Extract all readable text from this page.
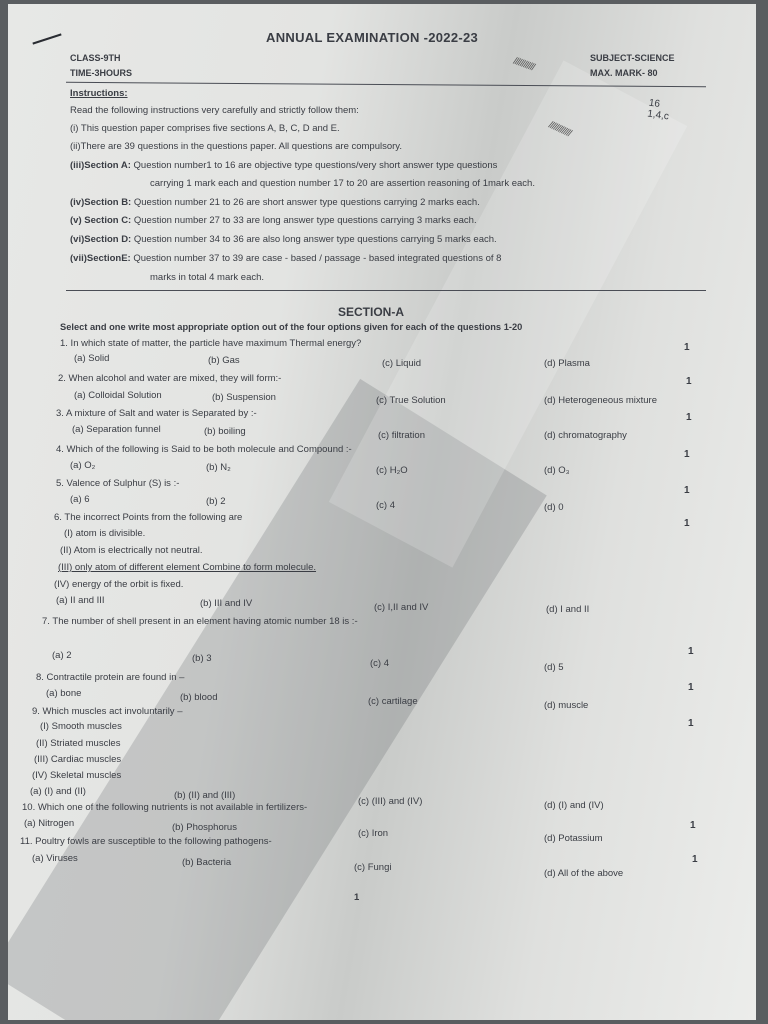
////////////
/////////////
ANNUAL EXAMINATION -2022-23
CLASS-9TH
TIME-3HOURS
SUBJECT-SCIENCE
MAX. MARK- 80
16
1,4,c
Instructions:
Read the following instructions very carefully and strictly follow them:
(i) This question paper comprises five sections A, B, C, D and E.
(ii)There are 39 questions in the questions paper. All questions are compulsory.
(iii)Section A: Question number1 to 16 are objective type questions/very short answer type questions
carrying 1 mark each and question number 17 to 20 are assertion reasoning of 1mark each.
(iv)Section B: Question number 21 to 26 are short answer type questions carrying 2 marks each.
(v) Section C: Question number 27 to 33 are long answer type questions carrying 3 marks each.
(vi)Section D: Question number 34 to 36 are also long answer type questions carrying 5 marks each.
(vii)SectionE: Question number 37 to 39 are case - based / passage - based integrated questions of 8
marks in total 4 mark each.
SECTION-A
Select and one write most appropriate option out of the four options given for each of the questions 1-20
1. In which state of matter, the particle have maximum Thermal energy?	1
(a) Solid	(b) Gas	(c) Liquid	(d) Plasma
2. When alcohol and water are mixed, they will form:-	1
(a) Colloidal Solution	(b) Suspension	(c) True Solution	(d) Heterogeneous mixture
3. A mixture of Salt and water is Separated by :-	1
(a) Separation funnel	(b) boiling	(c) filtration	(d) chromatography
4. Which of the following is Said to be both molecule and Compound :-	1
(a) O₂	(b) N₂	(c) H₂O	(d) O₃
5. Valence of Sulphur (S) is :-
1
(a) 6	(b) 2	(c) 4	(d) 0
6. The incorrect Points from the following are
1
(I) atom is divisible.
(II) Atom is electrically not neutral.
(III) only atom of different element Combine to form molecule.
(IV) energy of the orbit is fixed.
(a) II and III	(b) III and IV	(c) I,II and IV	(d) I and II
7. The number of shell present in an element having atomic number 18 is :-
1
(a) 2	(b) 3	(c) 4	(d) 5
8. Contractile protein are found in –
1
(a) bone	(b) blood	(c) cartilage	(d) muscle
9. Which muscles act involuntarily –
1
(I) Smooth muscles
(II) Striated muscles
(III) Cardiac muscles
(IV) Skeletal muscles
(a) (I) and (II)	(b) (II) and (III)
(c) (III) and (IV)	(d) (I) and (IV)
10. Which one of the following nutrients is not available in fertilizers-
1
(a) Nitrogen	(b) Phosphorus
(c) Iron	(d) Potassium
11. Poultry fowls are susceptible to the following pathogens-
1
(a) Viruses	(b) Bacteria	(c) Fungi
(d) All of the above
1
